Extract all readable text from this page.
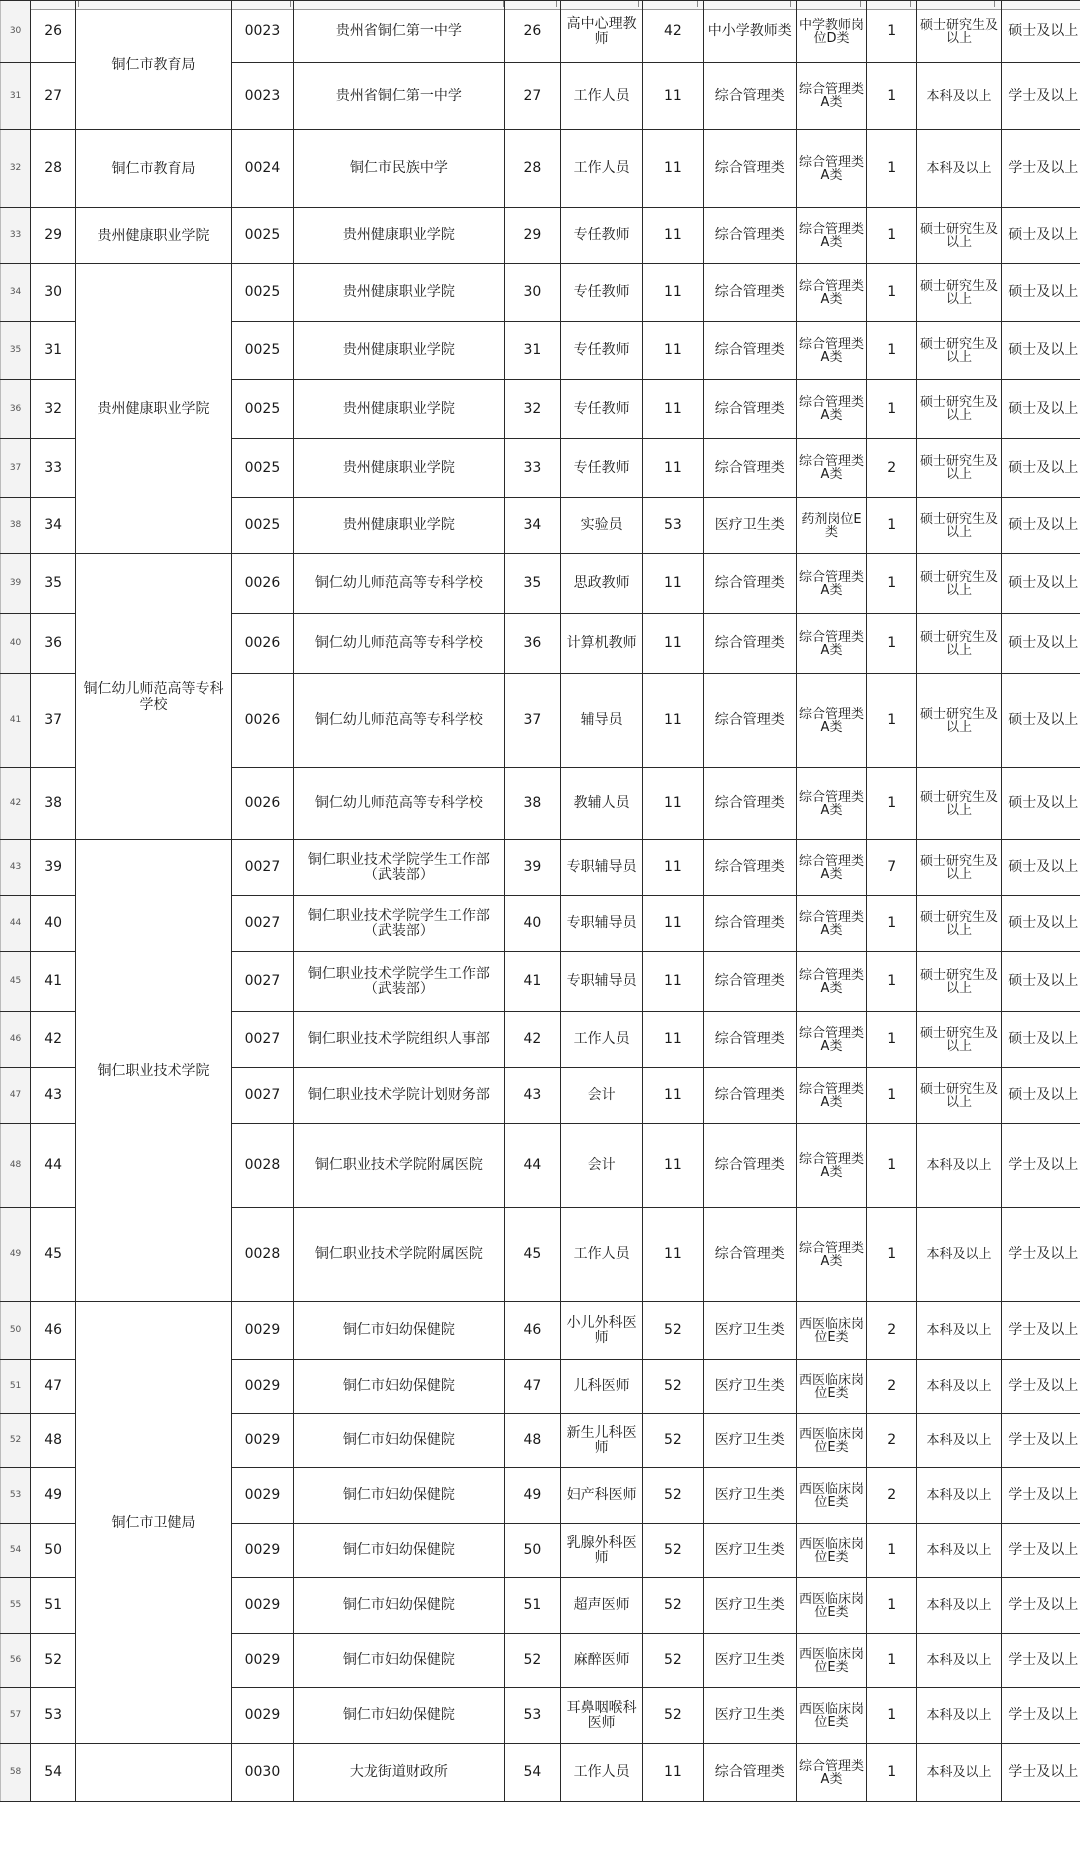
30	26	铜仁市教育局	0023	贵州省铜仁第一中学	26	高中心理教师	42	中小学教师类	中学教师岗位D类	1	硕士研究生及以上	硕士及以上
31	27		0023	贵州省铜仁第一中学	27	工作人员	11	综合管理类	综合管理类A类	1	本科及以上	学士及以上
32	28	铜仁市教育局	0024	铜仁市民族中学	28	工作人员	11	综合管理类	综合管理类A类	1	本科及以上	学士及以上
33	29	贵州健康职业学院	0025	贵州健康职业学院	29	专任教师	11	综合管理类	综合管理类A类	1	硕士研究生及以上	硕士及以上
34	30	贵州健康职业学院	0025	贵州健康职业学院	30	专任教师	11	综合管理类	综合管理类A类	1	硕士研究生及以上	硕士及以上
35	31		0025	贵州健康职业学院	31	专任教师	11	综合管理类	综合管理类A类	1	硕士研究生及以上	硕士及以上
36	32		0025	贵州健康职业学院	32	专任教师	11	综合管理类	综合管理类A类	1	硕士研究生及以上	硕士及以上
37	33		0025	贵州健康职业学院	33	专任教师	11	综合管理类	综合管理类A类	2	硕士研究生及以上	硕士及以上
38	34		0025	贵州健康职业学院	34	实验员	53	医疗卫生类	药剂岗位E类	1	硕士研究生及以上	硕士及以上
39	35	铜仁幼儿师范高等专科学校	0026	铜仁幼儿师范高等专科学校	35	思政教师	11	综合管理类	综合管理类A类	1	硕士研究生及以上	硕士及以上
40	36		0026	铜仁幼儿师范高等专科学校	36	计算机教师	11	综合管理类	综合管理类A类	1	硕士研究生及以上	硕士及以上
41	37		0026	铜仁幼儿师范高等专科学校	37	辅导员	11	综合管理类	综合管理类A类	1	硕士研究生及以上	硕士及以上
42	38		0026	铜仁幼儿师范高等专科学校	38	教辅人员	11	综合管理类	综合管理类A类	1	硕士研究生及以上	硕士及以上
43	39	铜仁职业技术学院	0027	铜仁职业技术学院学生工作部（武装部）	39	专职辅导员	11	综合管理类	综合管理类A类	7	硕士研究生及以上	硕士及以上
44	40		0027	铜仁职业技术学院学生工作部（武装部）	40	专职辅导员	11	综合管理类	综合管理类A类	1	硕士研究生及以上	硕士及以上
45	41		0027	铜仁职业技术学院学生工作部（武装部）	41	专职辅导员	11	综合管理类	综合管理类A类	1	硕士研究生及以上	硕士及以上
46	42		0027	铜仁职业技术学院组织人事部	42	工作人员	11	综合管理类	综合管理类A类	1	硕士研究生及以上	硕士及以上
47	43		0027	铜仁职业技术学院计划财务部	43	会计	11	综合管理类	综合管理类A类	1	硕士研究生及以上	硕士及以上
48	44		0028	铜仁职业技术学院附属医院	44	会计	11	综合管理类	综合管理类A类	1	本科及以上	学士及以上
49	45		0028	铜仁职业技术学院附属医院	45	工作人员	11	综合管理类	综合管理类A类	1	本科及以上	学士及以上
50	46	铜仁市卫健局	0029	铜仁市妇幼保健院	46	小儿外科医师	52	医疗卫生类	西医临床岗位E类	2	本科及以上	学士及以上
51	47		0029	铜仁市妇幼保健院	47	儿科医师	52	医疗卫生类	西医临床岗位E类	2	本科及以上	学士及以上
52	48		0029	铜仁市妇幼保健院	48	新生儿科医师	52	医疗卫生类	西医临床岗位E类	2	本科及以上	学士及以上
53	49		0029	铜仁市妇幼保健院	49	妇产科医师	52	医疗卫生类	西医临床岗位E类	2	本科及以上	学士及以上
54	50		0029	铜仁市妇幼保健院	50	乳腺外科医师	52	医疗卫生类	西医临床岗位E类	1	本科及以上	学士及以上
55	51		0029	铜仁市妇幼保健院	51	超声医师	52	医疗卫生类	西医临床岗位E类	1	本科及以上	学士及以上
56	52		0029	铜仁市妇幼保健院	52	麻醉医师	52	医疗卫生类	西医临床岗位E类	1	本科及以上	学士及以上
57	53		0029	铜仁市妇幼保健院	53	耳鼻咽喉科医师	52	医疗卫生类	西医临床岗位E类	1	本科及以上	学士及以上
58	54		0030	大龙街道财政所	54	工作人员	11	综合管理类	综合管理类A类	1	本科及以上	学士及以上
